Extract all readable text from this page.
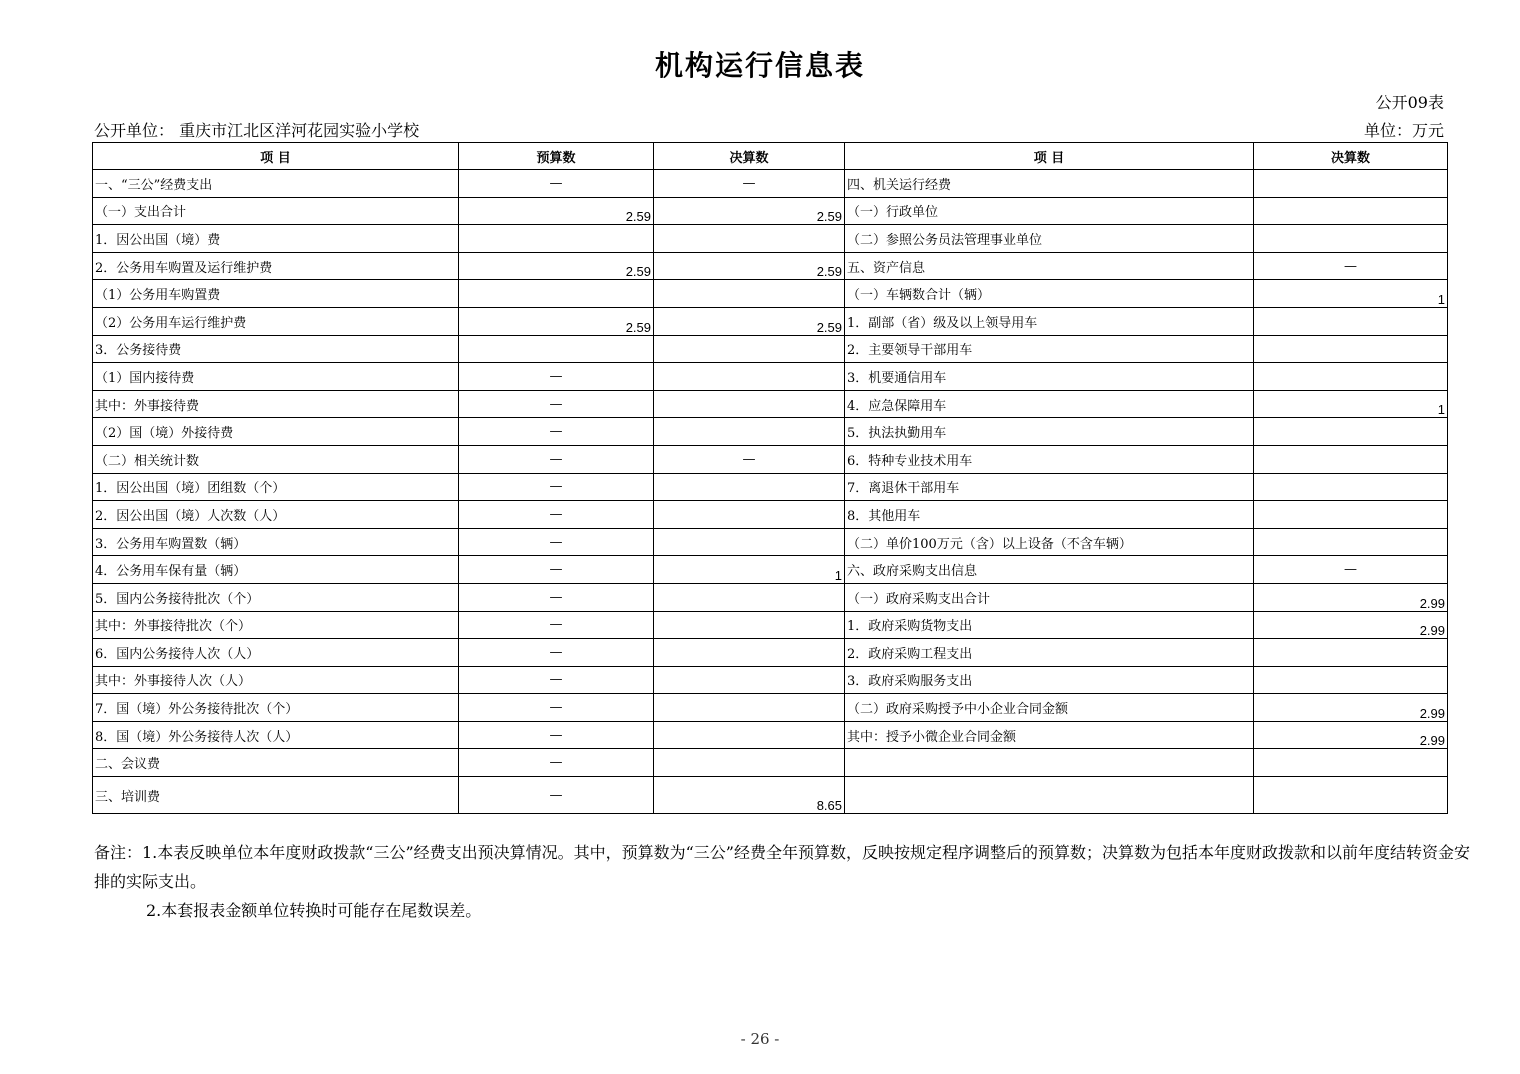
机构运行信息表
公开09表
公开单位： 重庆市江北区洋河花园实验小学校	单位：万元
项 目	预算数	决算数	项 目	决算数
一、“三公”经费支出	—	—	四、机关运行经费	
（一）支出合计	2.59	2.59	（一）行政单位	
1．因公出国（境）费			（二）参照公务员法管理事业单位	
2．公务用车购置及运行维护费	2.59	2.59	五、资产信息	—
（1）公务用车购置费			（一）车辆数合计（辆）	1
（2）公务用车运行维护费	2.59	2.59	1．副部（省）级及以上领导用车	
3．公务接待费			2．主要领导干部用车	
（1）国内接待费	—		3．机要通信用车	
其中：外事接待费	—		4．应急保障用车	1
（2）国（境）外接待费	—		5．执法执勤用车	
（二）相关统计数	—	—	6．特种专业技术用车	
1．因公出国（境）团组数（个）	—		7．离退休干部用车	
2．因公出国（境）人次数（人）	—		8．其他用车	
3．公务用车购置数（辆）	—		（二）单价100万元（含）以上设备（不含车辆）	
4．公务用车保有量（辆）	—	1	六、政府采购支出信息	—
5．国内公务接待批次（个）	—		（一）政府采购支出合计	2.99
其中：外事接待批次（个）	—		1．政府采购货物支出	2.99
6．国内公务接待人次（人）	—		2．政府采购工程支出	
其中：外事接待人次（人）	—		3．政府采购服务支出	
7．国（境）外公务接待批次（个）	—		（二）政府采购授予中小企业合同金额	2.99
8．国（境）外公务接待人次（人）	—		其中：授予小微企业合同金额	2.99
二、会议费	—			
三、培训费	—	8.65		
备注：1.本表反映单位本年度财政拨款“三公”经费支出预决算情况。其中，预算数为“三公”经费全年预算数，反映按规定程序调整后的预算数；决算数为包括本年度财政拨款和以前年度结转资金安排的实际支出。
2.本套报表金额单位转换时可能存在尾数误差。
- 26 -
